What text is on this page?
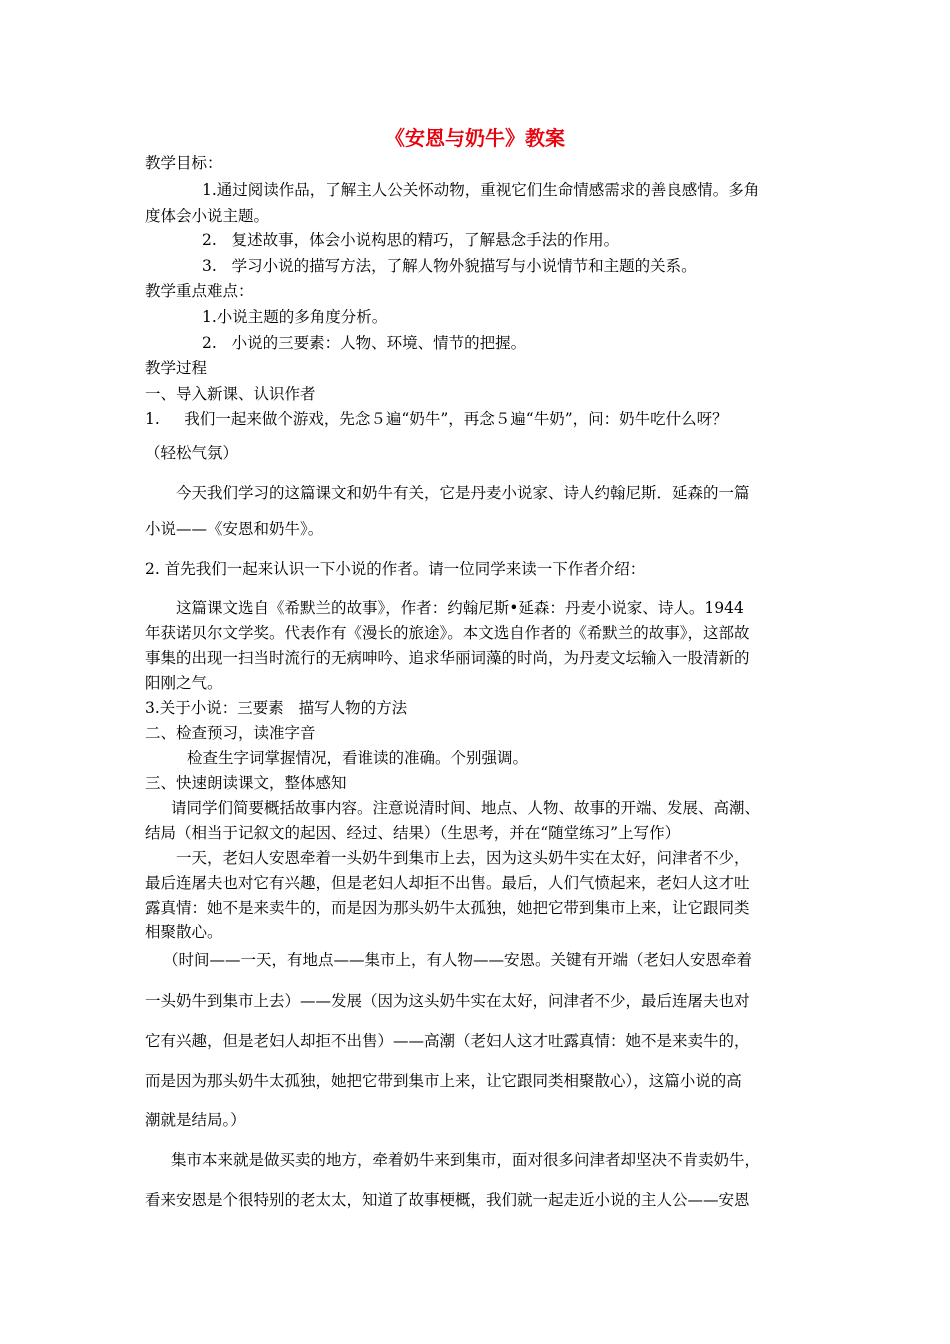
《安恩与奶牛》教案
教学目标：
1.通过阅读作品，了解主人公关怀动物，重视它们生命情感需求的善良感情。多角
度体会小说主题。
2.   复述故事，体会小说构思的精巧，了解悬念手法的作用。
3.   学习小说的描写方法，了解人物外貌描写与小说情节和主题的关系。
教学重点难点：
1.小说主题的多角度分析。
2.   小说的三要素：人物、环境、情节的把握。
教学过程
一、导入新课、认识作者
1.     我们一起来做个游戏，先念５遍“奶牛”，再念５遍“牛奶”，问：奶牛吃什么呀？
（轻松气氛）
今天我们学习的这篇课文和奶牛有关，它是丹麦小说家、诗人约翰尼斯．延森的一篇
小说——《安恩和奶牛》。
2. 首先我们一起来认识一下小说的作者。请一位同学来读一下作者介绍：
这篇课文选自《希默兰的故事》，作者：约翰尼斯•延森：丹麦小说家、诗人。1944
年获诺贝尔文学奖。代表作有《漫长的旅途》。本文选自作者的《希默兰的故事》，这部故
事集的出现一扫当时流行的无病呻吟、追求华丽词藻的时尚，为丹麦文坛输入一股清新的
阳刚之气。
3.关于小说：三要素   描写人物的方法
二、检查预习，读准字音
检查生字词掌握情况，看谁读的准确。个别强调。
三、快速朗读课文，整体感知
请同学们简要概括故事内容。注意说清时间、地点、人物、故事的开端、发展、高潮、
结局（相当于记叙文的起因、经过、结果）（生思考，并在“随堂练习”上写作）
一天，老妇人安恩牵着一头奶牛到集市上去，因为这头奶牛实在太好，问津者不少，
最后连屠夫也对它有兴趣，但是老妇人却拒不出售。最后，人们气愤起来，老妇人这才吐
露真情：她不是来卖牛的，而是因为那头奶牛太孤独，她把它带到集市上来，让它跟同类
相聚散心。
（时间——一天，有地点——集市上，有人物——安恩。关键有开端（老妇人安恩牵着
一头奶牛到集市上去）——发展（因为这头奶牛实在太好，问津者不少，最后连屠夫也对
它有兴趣，但是老妇人却拒不出售）——高潮（老妇人这才吐露真情：她不是来卖牛的，
而是因为那头奶牛太孤独，她把它带到集市上来，让它跟同类相聚散心），这篇小说的高
潮就是结局。）
集市本来就是做买卖的地方，牵着奶牛来到集市，面对很多问津者却坚决不肯卖奶牛，
看来安恩是个很特别的老太太，知道了故事梗概，我们就一起走近小说的主人公——安恩
